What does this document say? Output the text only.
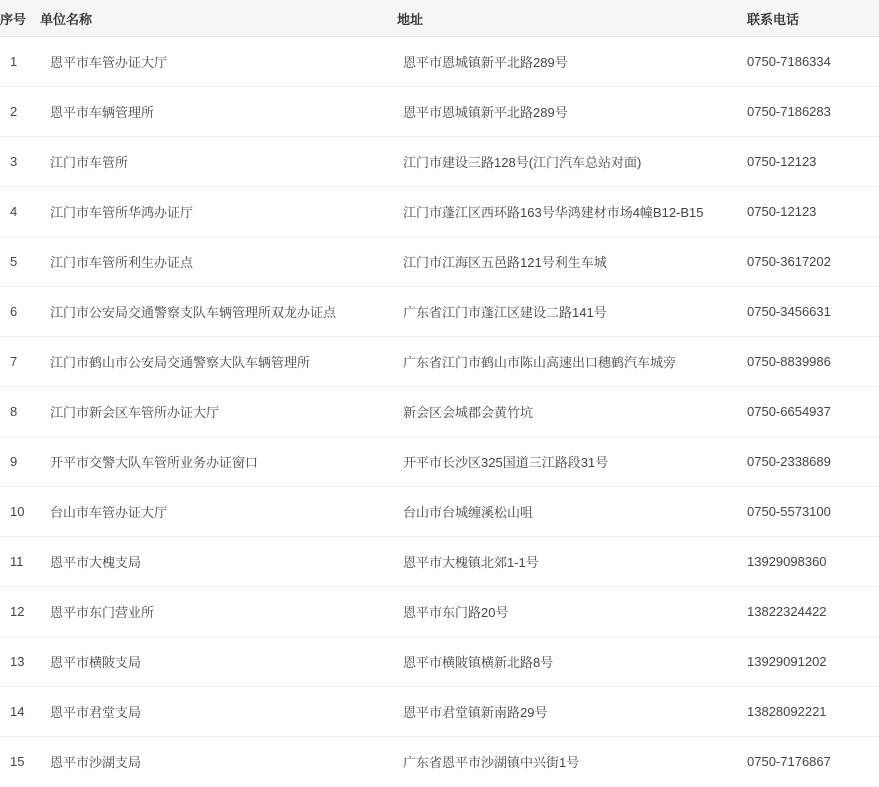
序号	单位名称	地址	联系电话
1	恩平市车管办证大厅	恩平市恩城镇新平北路289号	0750-7186334
2	恩平市车辆管理所	恩平市恩城镇新平北路289号	0750-7186283
3	江门市车管所	江门市建设三路128号(江门汽车总站对面)	0750-12123
4	江门市车管所华鸿办证厅	江门市蓬江区西环路163号华鸿建材市场4幢B12-B15	0750-12123
5	江门市车管所利生办证点	江门市江海区五邑路121号利生车城	0750-3617202
6	江门市公安局交通警察支队车辆管理所双龙办证点	广东省江门市蓬江区建设二路141号	0750-3456631
7	江门市鹤山市公安局交通警察大队车辆管理所	广东省江门市鹤山市陈山高速出口穗鹤汽车城旁	0750-8839986
8	江门市新会区车管所办证大厅	新会区会城郡会黄竹坑	0750-6654937
9	开平市交警大队车管所业务办证窗口	开平市长沙区325国道三江路段31号	0750-2338689
10	台山市车管办证大厅	台山市台城缠溪松山咀	0750-5573100
11	恩平市大槐支局	恩平市大槐镇北郊1-1号	13929098360
12	恩平市东门营业所	恩平市东门路20号	13822324422
13	恩平市横陂支局	恩平市横陂镇横新北路8号	13929091202
14	恩平市君堂支局	恩平市君堂镇新南路29号	13828092221
15	恩平市沙湖支局	广东省恩平市沙湖镇中兴街1号	0750-7176867
